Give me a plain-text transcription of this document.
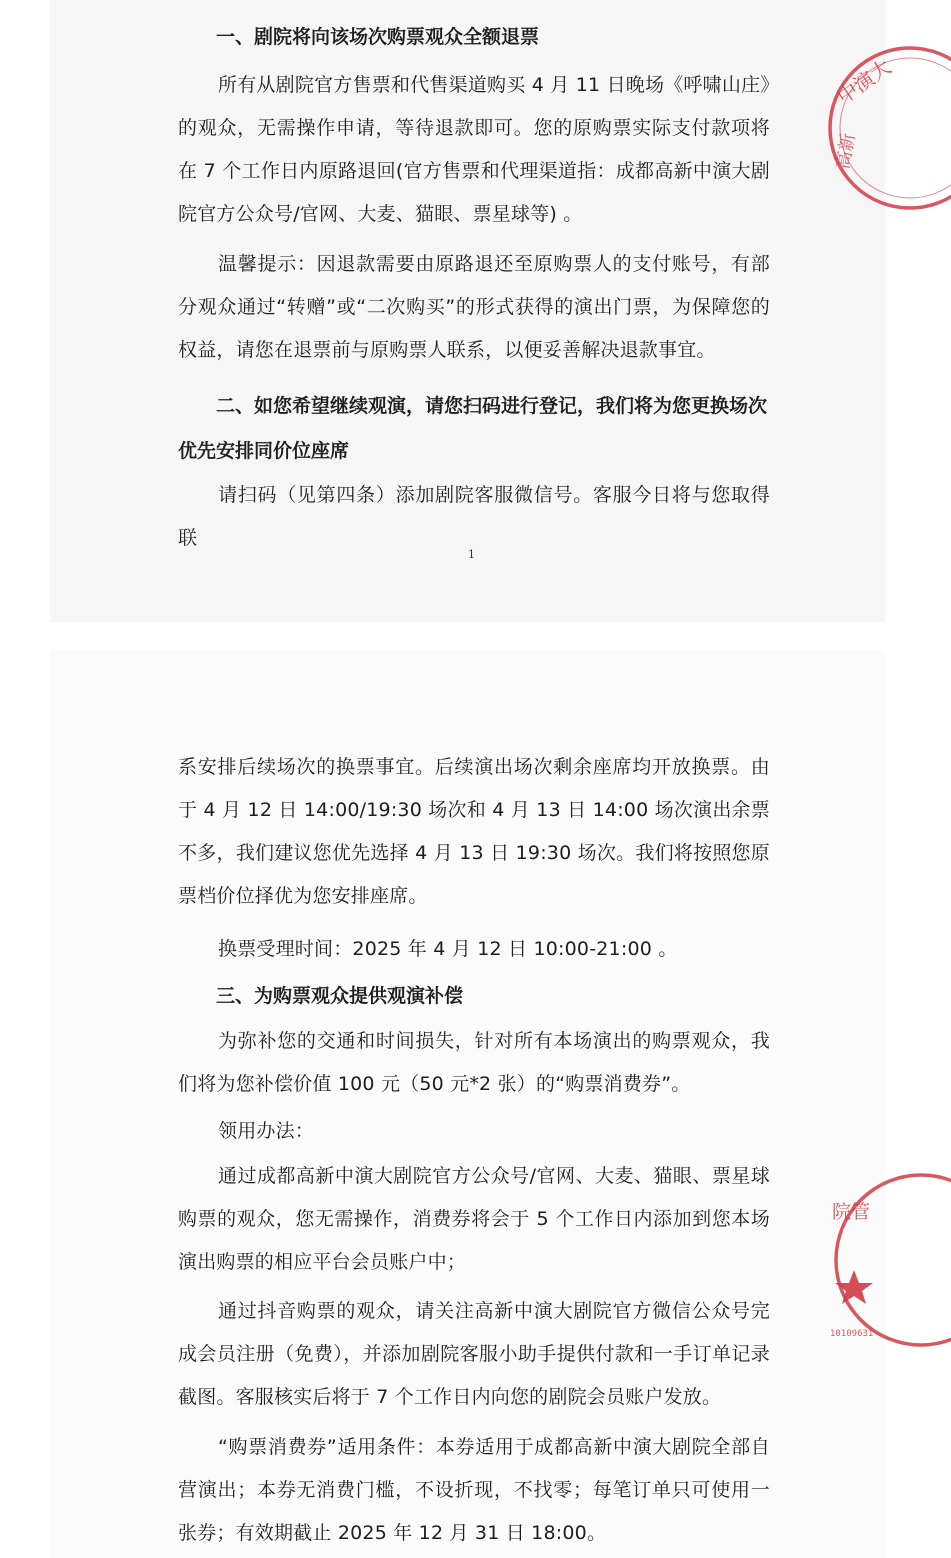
一、剧院将向该场次购票观众全额退票

所有从剧院官方售票和代售渠道购买 4 月 11 日晚场《呼啸山庄》的观众，无需操作申请，等待退款即可。您的原购票实际支付款项将在 7 个工作日内原路退回(官方售票和代理渠道指：成都高新中演大剧院官方公众号/官网、大麦、猫眼、票星球等) 。

温馨提示：因退款需要由原路退还至原购票人的支付账号，有部分观众通过“转赠”或“二次购买”的形式获得的演出门票，为保障您的权益，请您在退票前与原购票人联系，以便妥善解决退款事宜。

二、如您希望继续观演，请您扫码进行登记，我们将为您更换场次优先安排同价位座席

请扫码（见第四条）添加剧院客服微信号。客服今日将与您取得联

1
中演大
高新

系安排后续场次的换票事宜。后续演出场次剩余座席均开放换票。由于 4 月 12 日 14:00/19:30 场次和 4 月 13 日 14:00 场次演出余票不多，我们建议您优先选择 4 月 13 日 19:30 场次。我们将按照您原票档价位择优为您安排座席。

换票受理时间：2025 年 4 月 12 日 10:00-21:00 。

三、为购票观众提供观演补偿

为弥补您的交通和时间损失，针对所有本场演出的购票观众，我们将为您补偿价值 100 元（50 元*2 张）的“购票消费券”。

领用办法：

通过成都高新中演大剧院官方公众号/官网、大麦、猫眼、票星球购票的观众，您无需操作，消费券将会于 5 个工作日内添加到您本场演出购票的相应平台会员账户中；

通过抖音购票的观众，请关注高新中演大剧院官方微信公众号完成会员注册（免费），并添加剧院客服小助手提供付款和一手订单记录截图。客服核实后将于 7 个工作日内向您的剧院会员账户发放。

“购票消费券”适用条件：本券适用于成都高新中演大剧院全部自营演出；本券无消费门槛，不设折现，不找零；每笔订单只可使用一张券；有效期截止 2025 年 12 月 31 日 18:00。

院管
10109631
